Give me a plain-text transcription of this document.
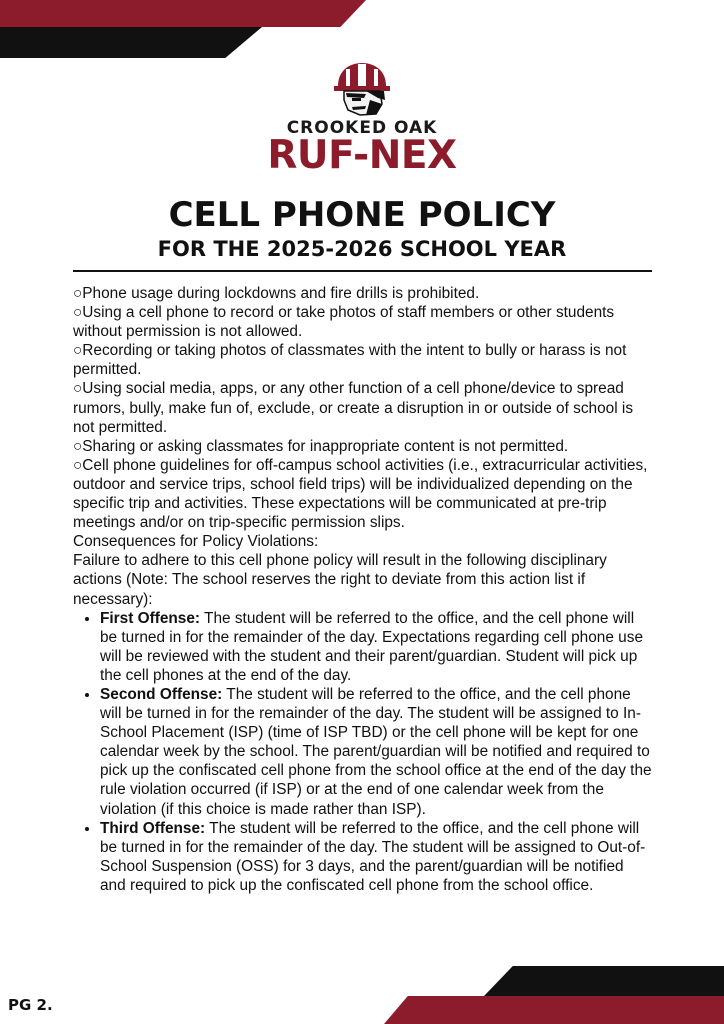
CROOKED OAK
RUF-NEX
CELL PHONE POLICY
FOR THE 2025-2026 SCHOOL YEAR

○Phone usage during lockdowns and fire drills is prohibited.

○Using a cell phone to record or take photos of staff members or other students without permission is not allowed.

○Recording or taking photos of classmates with the intent to bully or harass is not permitted.

○Using social media, apps, or any other function of a cell phone/device to spread rumors, bully, make fun of, exclude, or create a disruption in or outside of school is not permitted.

○Sharing or asking classmates for inappropriate content is not permitted.

○Cell phone guidelines for off-campus school activities (i.e., extracurricular activities, outdoor and service trips, school field trips) will be individualized depending on the specific trip and activities. These expectations will be communicated at pre-trip meetings and/or on trip-specific permission slips.

Consequences for Policy Violations:

Failure to adhere to this cell phone policy will result in the following disciplinary actions (Note: The school reserves the right to deviate from this action list if necessary):

• First Offense: The student will be referred to the office, and the cell phone will be turned in for the remainder of the day. Expectations regarding cell phone use will be reviewed with the student and their parent/guardian. Student will pick up the cell phones at the end of the day.
• Second Offense: The student will be referred to the office, and the cell phone will be turned in for the remainder of the day. The student will be assigned to In-School Placement (ISP) (time of ISP TBD) or the cell phone will be kept for one calendar week by the school. The parent/guardian will be notified and required to pick up the confiscated cell phone from the school office at the end of the day the rule violation occurred (if ISP) or at the end of one calendar week from the violation (if this choice is made rather than ISP).
• Third Offense: The student will be referred to the office, and the cell phone will be turned in for the remainder of the day. The student will be assigned to Out-of-School Suspension (OSS) for 3 days, and the parent/guardian will be notified and required to pick up the confiscated cell phone from the school office.
PG 2.
